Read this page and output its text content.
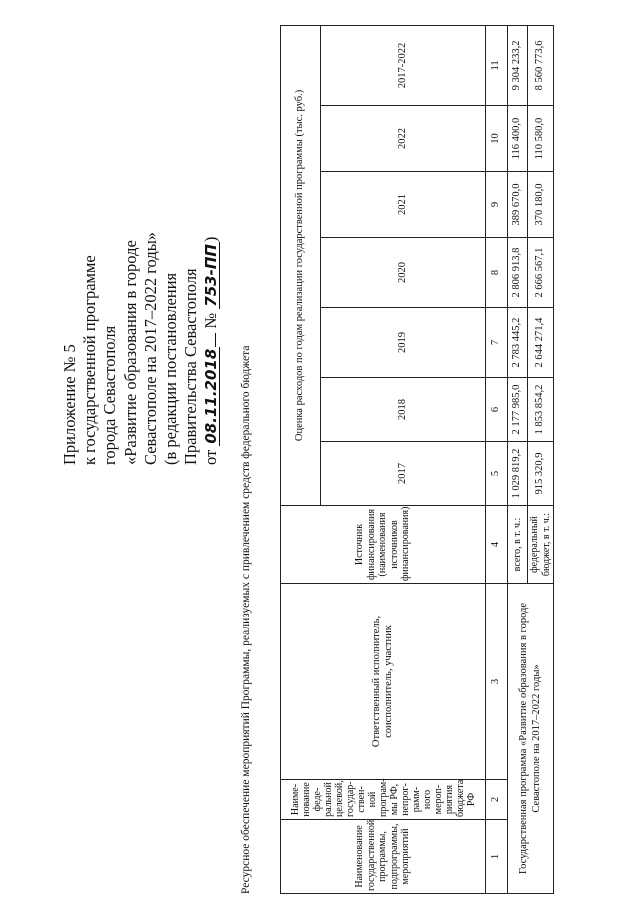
Приложение № 5 к государственной программе города Севастополя «Развитие образования в городе Севастополе на 2017–2022 годы» (в редакции постановления Правительства Севастополя от 08.11.2018 № 753-ПП)
Ресурсное обеспечение мероприятий Программы, реализуемых с привлечением средств федерального бюджета	Наименование государственной программы, подпрограммы, мероприятий	Наиме-нование феде-ральной целевой, государ-ствен-ной програм-мы РФ, непрог-рамм-ного мероп-риятия бюджета РФ	Ответственный исполнитель, соисполнитель, участник	Источник финансирования (наименования источников финансирования)	Оценка расходов по годам реализации государственной программы (тыс. руб.)						
				2017	2018	2019	2020	2021	2022	2017-2022
1	2	3	4	5	6	7	8	9	10	11
Государственная программа «Развитие образования в городе Севастополе на 2017–2022 годы»			всего, в т. ч.:	1 029 819,2	2 177 985,0	2 783 445,2	2 806 913,8	389 670,0	116 400,0	9 304 233,2
			федеральный бюджет, в т. ч.:	915 320,9	1 853 854,2	2 644 271,4	2 666 567,1	370 180,0	110 580,0	8 560 773,6
